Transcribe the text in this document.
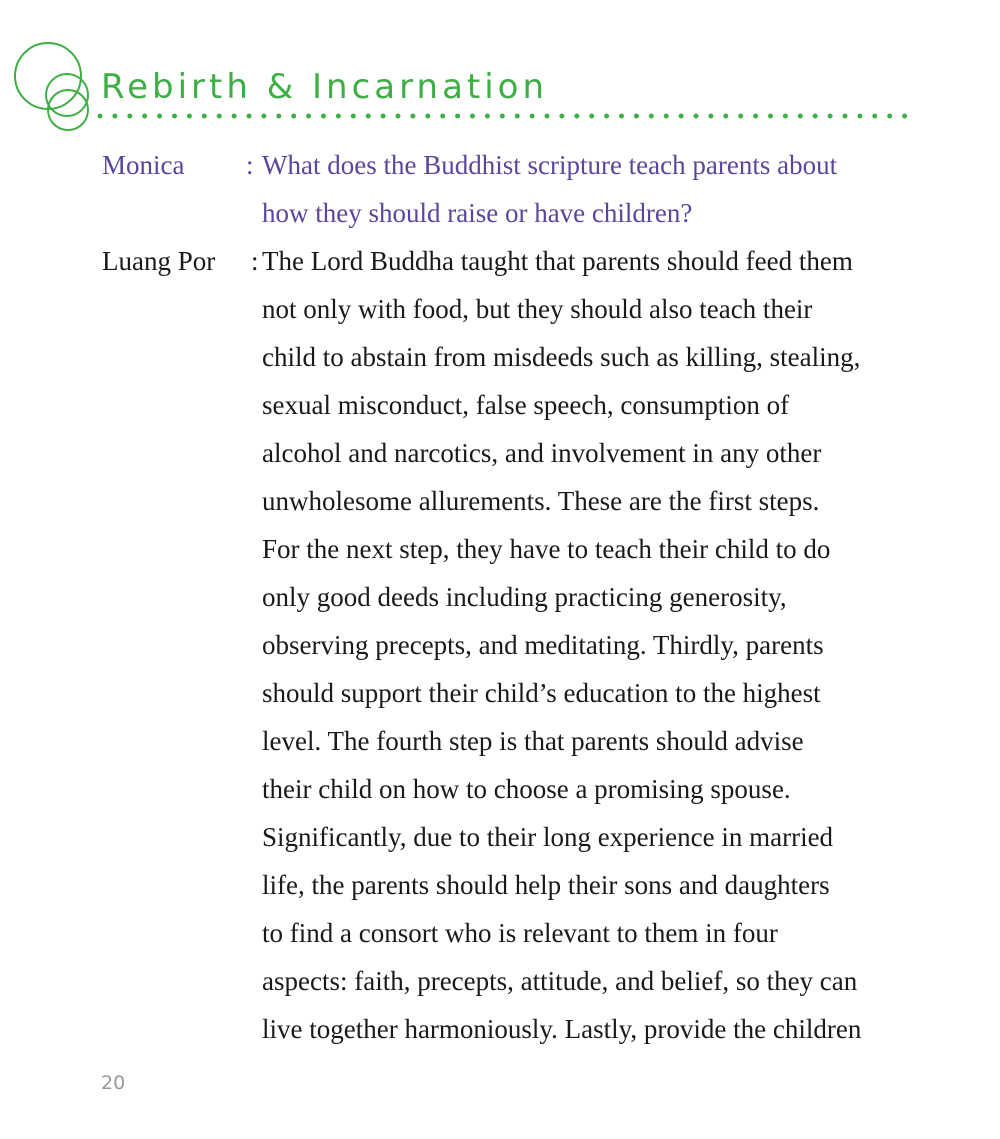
Rebirth & Incarnation
Monica : What does the Buddhist scripture teach parents about
how they should raise or have children?
Luang Por : The Lord Buddha taught that parents should feed them
not only with food, but they should also teach their
child to abstain from misdeeds such as killing, stealing,
sexual misconduct, false speech, consumption of
alcohol and narcotics, and involvement in any other
unwholesome allurements. These are the first steps.
For the next step, they have to teach their child to do
only good deeds including practicing generosity,
observing precepts, and meditating. Thirdly, parents
should support their child’s education to the highest
level. The fourth step is that parents should advise
their child on how to choose a promising spouse.
Significantly, due to their long experience in married
life, the parents should help their sons and daughters
to find a consort who is relevant to them in four
aspects: faith, precepts, attitude, and belief, so they can
live together harmoniously. Lastly, provide the children
20
